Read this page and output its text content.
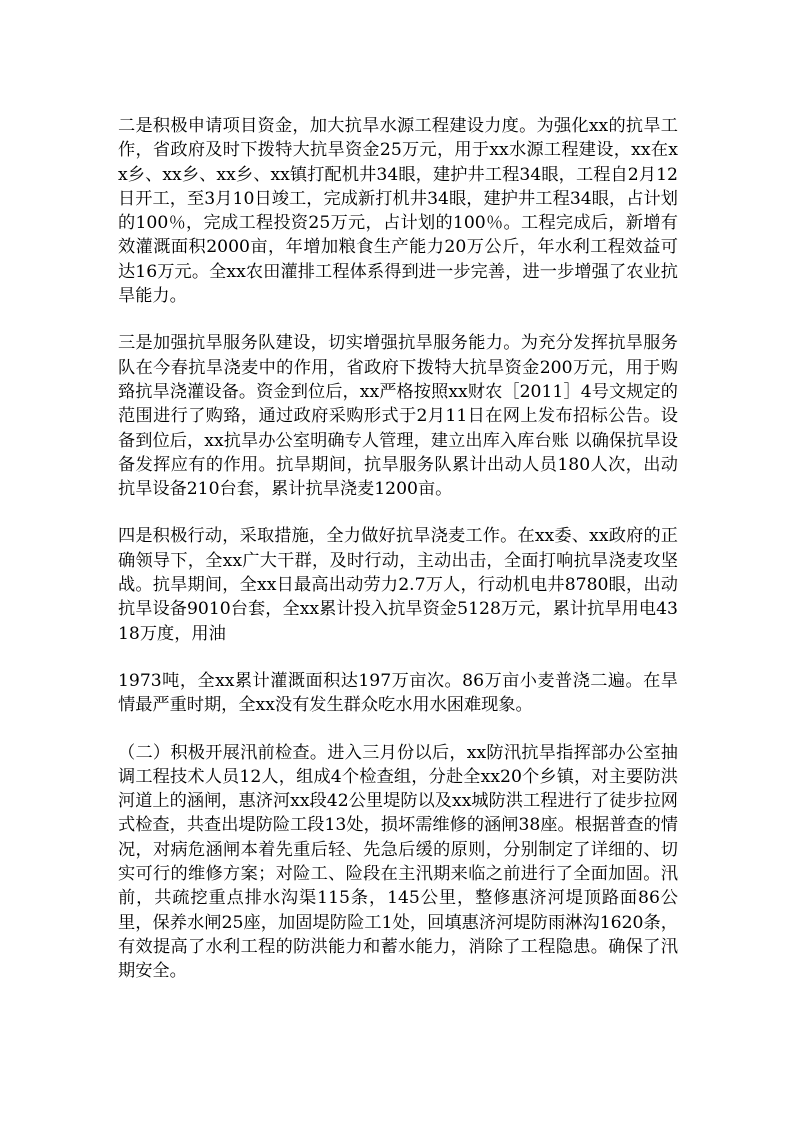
二是积极申请项目资金，加大抗旱水源工程建设力度。为强化xx的抗旱工作，省政府及时下拨特大抗旱资金25万元，用于xx水源工程建设，xx在xx乡、xx乡、xx乡、xx镇打配机井34眼，建护井工程34眼，工程自2月12日开工，至3月10日竣工，完成新打机井34眼，建护井工程34眼，占计划的100％，完成工程投资25万元，占计划的100％。工程完成后，新增有效灌溉面积2000亩，年增加粮食生产能力20万公斤，年水利工程效益可达16万元。全xx农田灌排工程体系得到进一步完善，进一步增强了农业抗旱能力。

三是加强抗旱服务队建设，切实增强抗旱服务能力。为充分发挥抗旱服务队在今春抗旱浇麦中的作用，省政府下拨特大抗旱资金200万元，用于购臵抗旱浇灌设备。资金到位后，xx严格按照xx财农［2011］4号文规定的范围进行了购臵，通过政府采购形式于2月11日在网上发布招标公告。设备到位后，xx抗旱办公室明确专人管理，建立出库入库台账 以确保抗旱设备发挥应有的作用。抗旱期间，抗旱服务队累计出动人员180人次，出动抗旱设备210台套，累计抗旱浇麦1200亩。

四是积极行动，采取措施，全力做好抗旱浇麦工作。在xx委、xx政府的正确领导下，全xx广大干群，及时行动，主动出击，全面打响抗旱浇麦攻坚战。抗旱期间，全xx日最高出动劳力2.7万人，行动机电井8780眼，出动抗旱设备9010台套，全xx累计投入抗旱资金5128万元，累计抗旱用电4318万度，用油

1973吨，全xx累计灌溉面积达197万亩次。86万亩小麦普浇二遍。在旱情最严重时期，全xx没有发生群众吃水用水困难现象。

（二）积极开展汛前检查。进入三月份以后，xx防汛抗旱指挥部办公室抽调工程技术人员12人，组成4个检查组，分赴全xx20个乡镇，对主要防洪河道上的涵闸，惠济河xx段42公里堤防以及xx城防洪工程进行了徒步拉网式检查，共查出堤防险工段13处，损坏需维修的涵闸38座。根据普查的情况，对病危涵闸本着先重后轻、先急后缓的原则，分别制定了详细的、切实可行的维修方案；对险工、险段在主汛期来临之前进行了全面加固。汛前，共疏挖重点排水沟渠115条，145公里，整修惠济河堤顶路面86公里，保养水闸25座，加固堤防险工1处，回填惠济河堤防雨淋沟1620条，有效提高了水利工程的防洪能力和蓄水能力，消除了工程隐患。确保了汛期安全。
